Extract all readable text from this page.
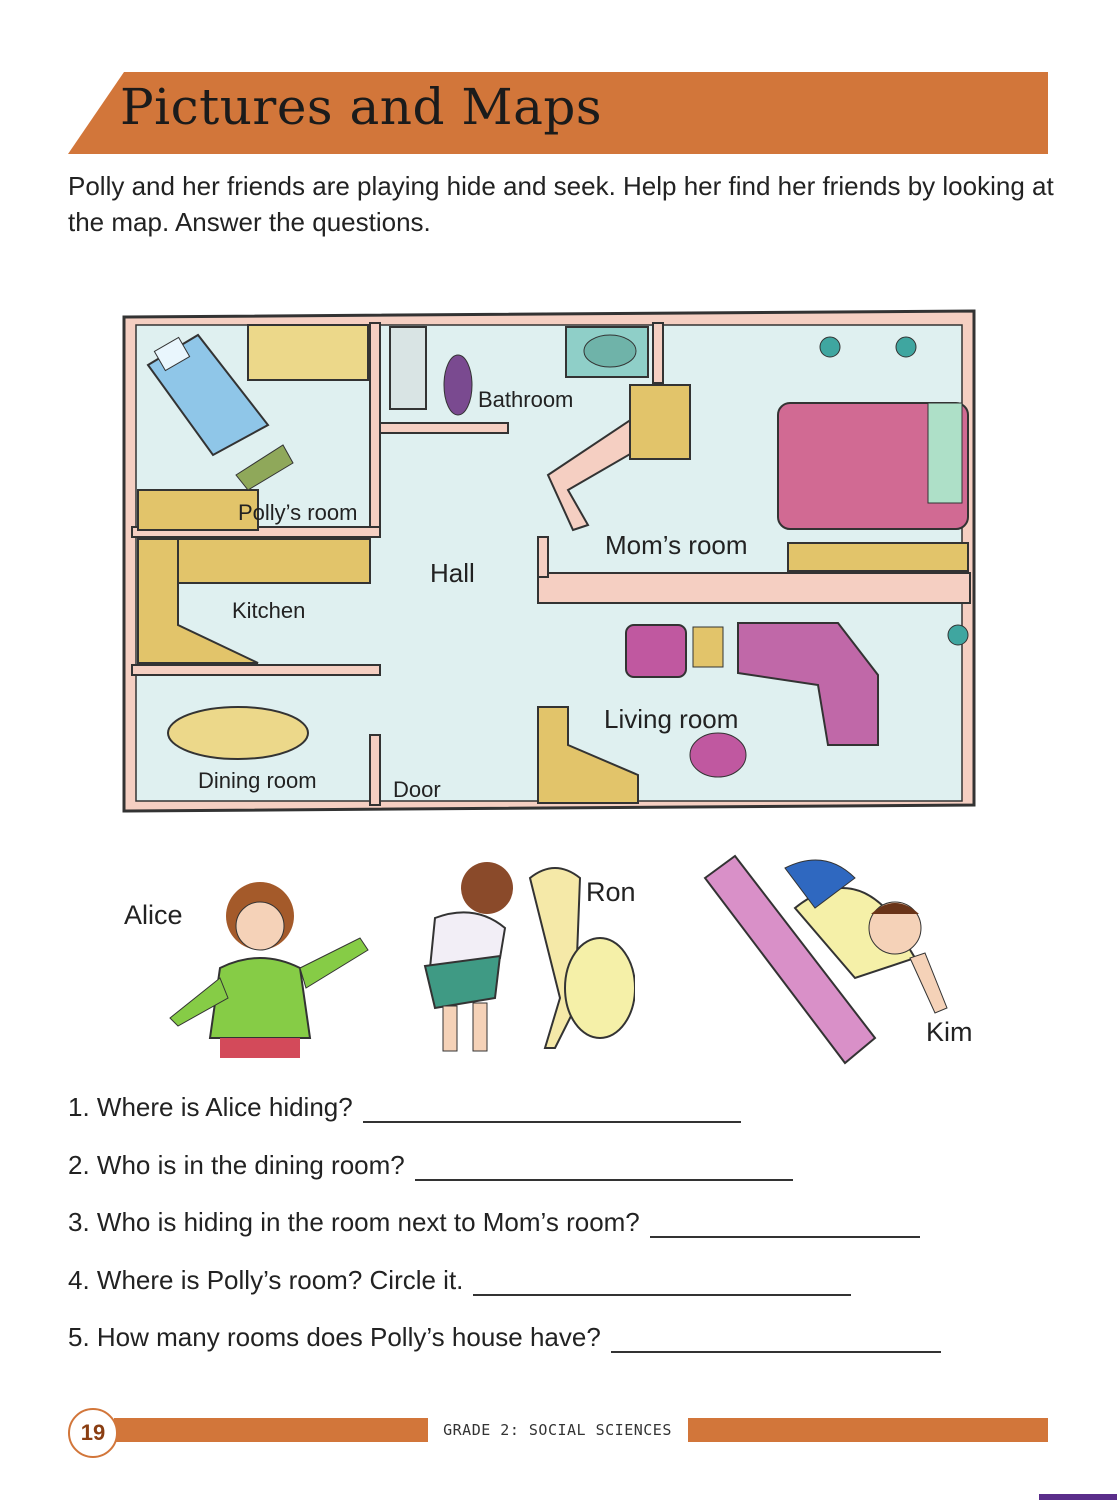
Pictures and Maps
Polly and her friends are playing hide and seek. Help her find her friends by looking at the map. Answer the questions.
Polly’s room
Bathroom
Mom’s room
Hall
Kitchen
Living room
Dining room	Door
Alice
Ron
Kim
1. Where is Alice hiding?
2. Who is in the dining room?
3. Who is hiding in the room next to Mom’s room?
4. Where is Polly’s room? Circle it.
5. How many rooms does Polly’s house have?
19	GRADE 2: SOCIAL SCIENCES
